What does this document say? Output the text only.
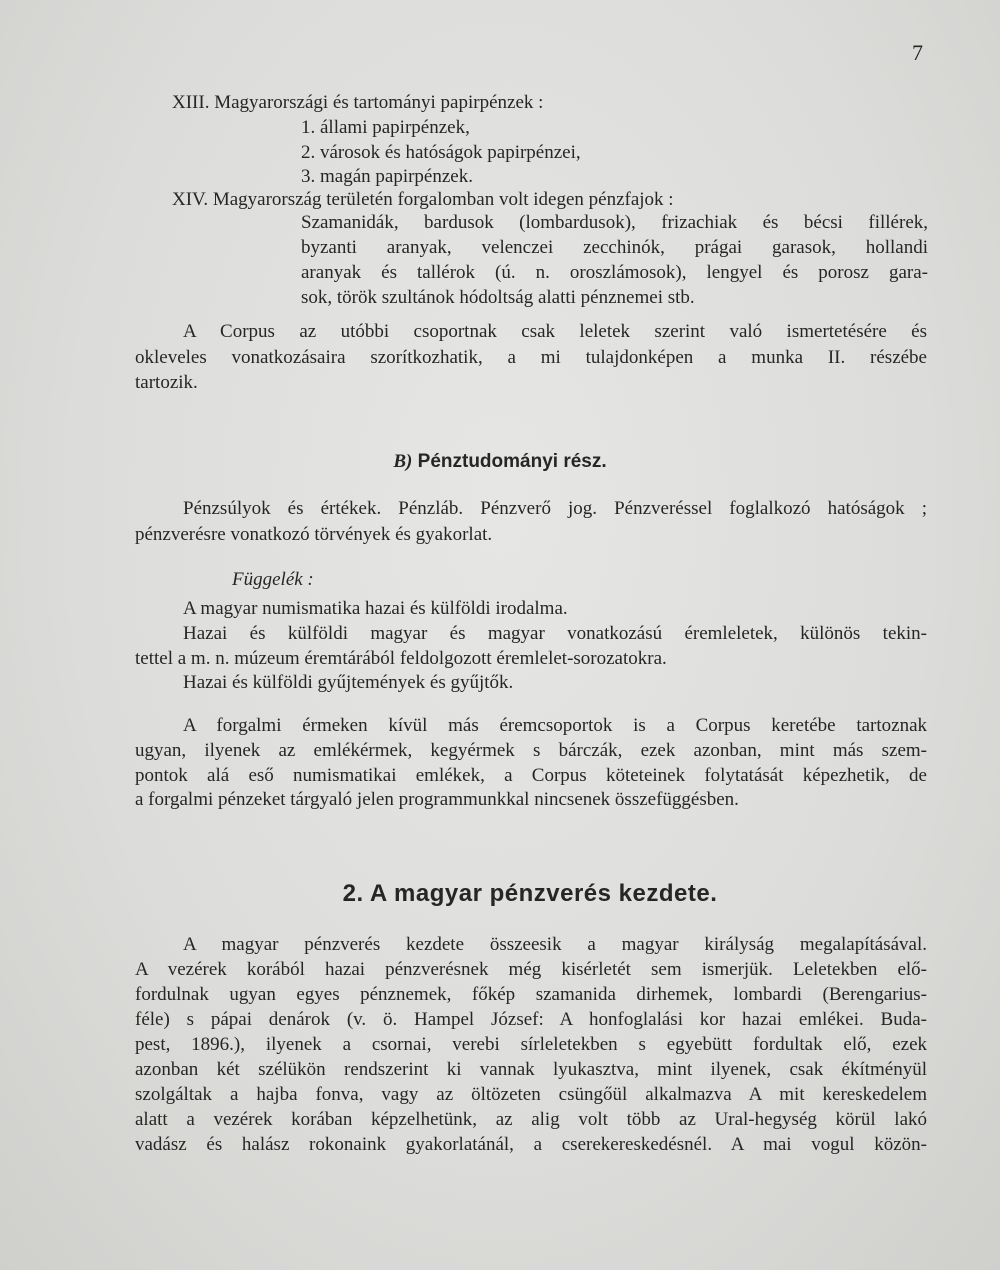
7
XIII. Magyarországi és tartományi papirpénzek :
1. állami papirpénzek,
2. városok és hatóságok papirpénzei,
3. magán papirpénzek.
XIV. Magyarország területén forgalomban volt idegen pénzfajok :
Szamanidák, bardusok (lombardusok), frizachiak és bécsi fillérek,
byzanti aranyak, velenczei zecchinók, prágai garasok, hollandi
aranyak és tallérok (ú. n. oroszlámosok), lengyel és porosz gara-
sok, török szultánok hódoltság alatti pénznemei stb.
A Corpus az utóbbi csoportnak csak leletek szerint való ismertetésére és
okleveles vonatkozásaira szorítkozhatik, a mi tulajdonképen a munka II. részébe
tartozik.
B) Pénztudományi rész.
Pénzsúlyok és értékek. Pénzláb. Pénzverő jog. Pénzveréssel foglalkozó hatóságok ;
pénzverésre vonatkozó törvények és gyakorlat.
Függelék :
A magyar numismatika hazai és külföldi irodalma.
Hazai és külföldi magyar és magyar vonatkozású éremleletek, különös tekin-
tettel a m. n. múzeum éremtárából feldolgozott éremlelet-sorozatokra.
Hazai és külföldi gyűjtemények és gyűjtők.
A forgalmi érmeken kívül más éremcsoportok is a Corpus keretébe tartoznak
ugyan, ilyenek az emlékérmek, kegyérmek s bárczák, ezek azonban, mint más szem-
pontok alá eső numismatikai emlékek, a Corpus köteteinek folytatását képezhetik, de
a forgalmi pénzeket tárgyaló jelen programmunkkal nincsenek összefüggésben.
2. A magyar pénzverés kezdete.
A magyar pénzverés kezdete összeesik a magyar királyság megalapításával.
A vezérek korából hazai pénzverésnek még kisérletét sem ismerjük. Leletekben elő-
fordulnak ugyan egyes pénznemek, főkép szamanida dirhemek, lombardi (Berengarius-
féle) s pápai denárok (v. ö. Hampel József: A honfoglalási kor hazai emlékei. Buda-
pest, 1896.), ilyenek a csornai, verebi sírleletekben s egyebütt fordultak elő, ezek
azonban két szélükön rendszerint ki vannak lyukasztva, mint ilyenek, csak ékítményül
szolgáltak a hajba fonva, vagy az öltözeten csüngőül alkalmazva A mit kereskedelem
alatt a vezérek korában képzelhetünk, az alig volt több az Ural-hegység körül lakó
vadász és halász rokonaink gyakorlatánál, a cserekereskedésnél. A mai vogul közön-
